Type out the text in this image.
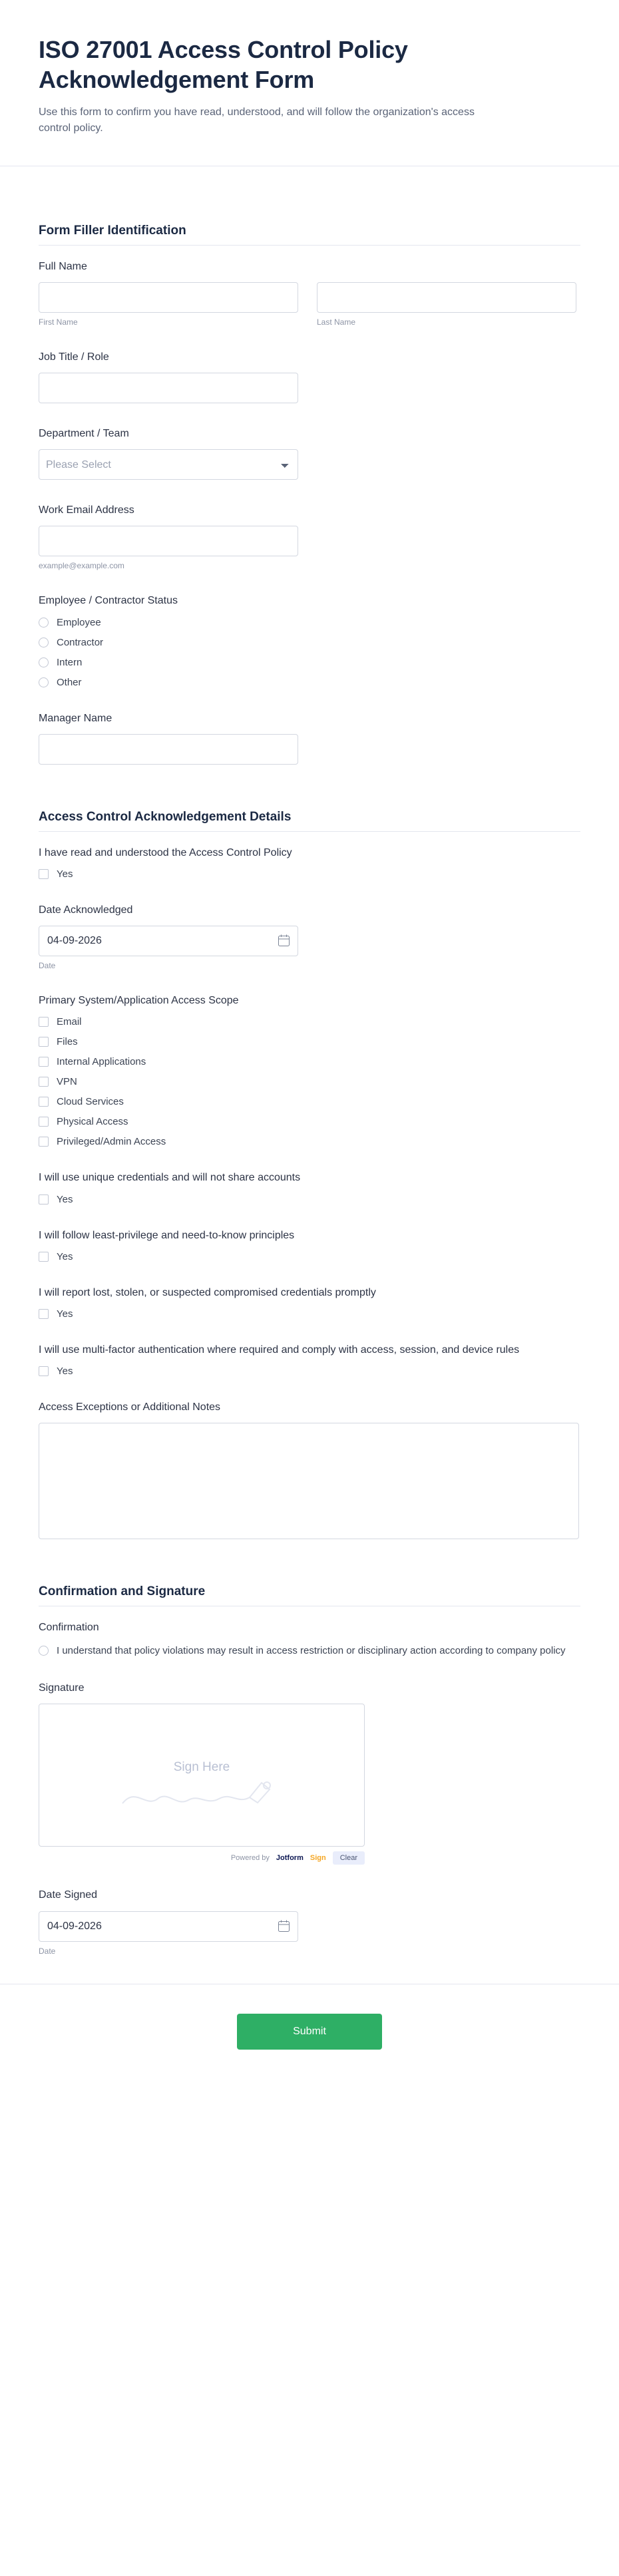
ISO 27001 Access Control Policy Acknowledgement Form

Use this form to confirm you have read, understood, and will follow the organization's access control policy.

Form Filler Identification
Full Name
First Name	Last Name
Job Title / Role
Department / Team
Please Select
Work Email Address
example@example.com
Employee / Contractor Status
Employee
Contractor
Intern
Other
Manager Name
Access Control Acknowledgement Details
I have read and understood the Access Control Policy
Yes
Date Acknowledged
04-09-2026
Date
Primary System/Application Access Scope
Email
Files
Internal Applications
VPN
Cloud Services
Physical Access
Privileged/Admin Access
I will use unique credentials and will not share accounts
Yes
I will follow least-privilege and need-to-know principles
Yes
I will report lost, stolen, or suspected compromised credentials promptly
Yes
I will use multi-factor authentication where required and comply with access, session, and device rules
Yes
Access Exceptions or Additional Notes
Confirmation and Signature
Confirmation
I understand that policy violations may result in access restriction or disciplinary action according to company policy
Signature
Sign Here
Powered by Jotform Sign	Clear
Date Signed
04-09-2026
Date
Submit
